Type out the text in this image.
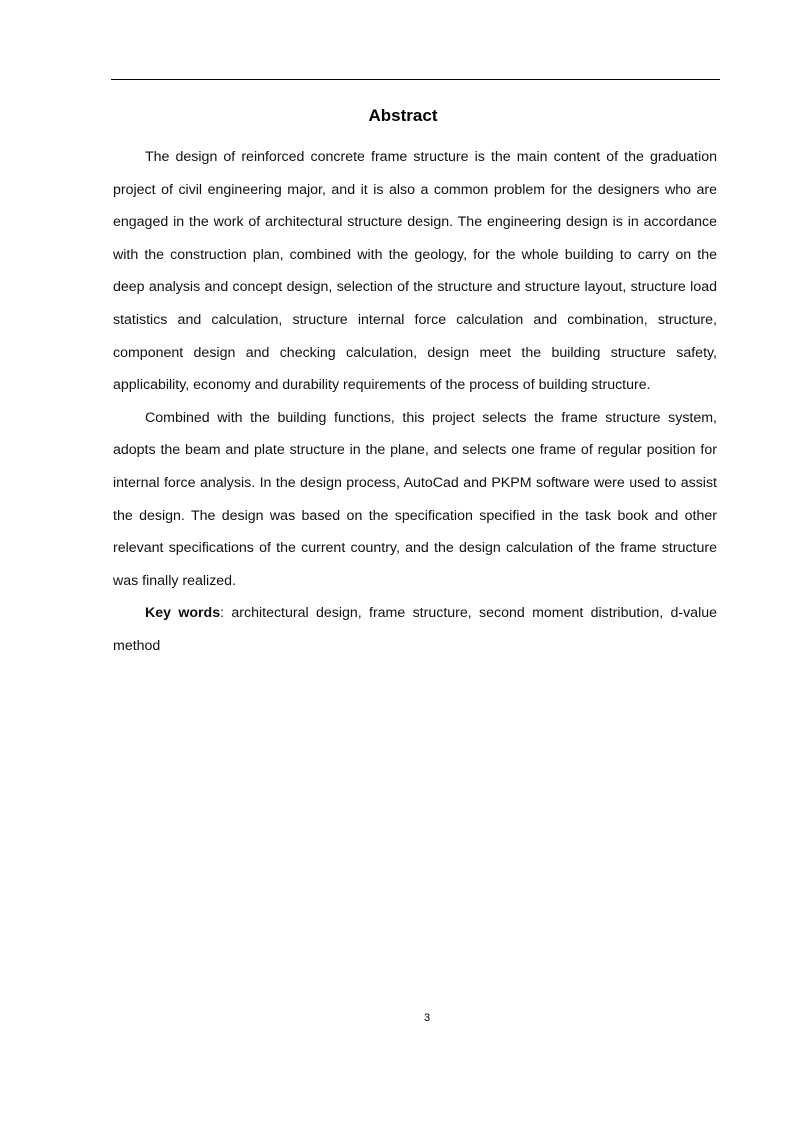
Abstract

The design of reinforced concrete frame structure is the main content of the graduation project of civil engineering major, and it is also a common problem for the designers who are engaged in the work of architectural structure design. The engineering design is in accordance with the construction plan, combined with the geology, for the whole building to carry on the deep analysis and concept design, selection of the structure and structure layout, structure load statistics and calculation, structure internal force calculation and combination, structure, component design and checking calculation, design meet the building structure safety, applicability, economy and durability requirements of the process of building structure.

Combined with the building functions, this project selects the frame structure system, adopts the beam and plate structure in the plane, and selects one frame of regular position for internal force analysis. In the design process, AutoCad and PKPM software were used to assist the design. The design was based on the specification specified in the task book and other relevant specifications of the current country, and the design calculation of the frame structure was finally realized.

Key words: architectural design, frame structure, second moment distribution, d-value method

3
